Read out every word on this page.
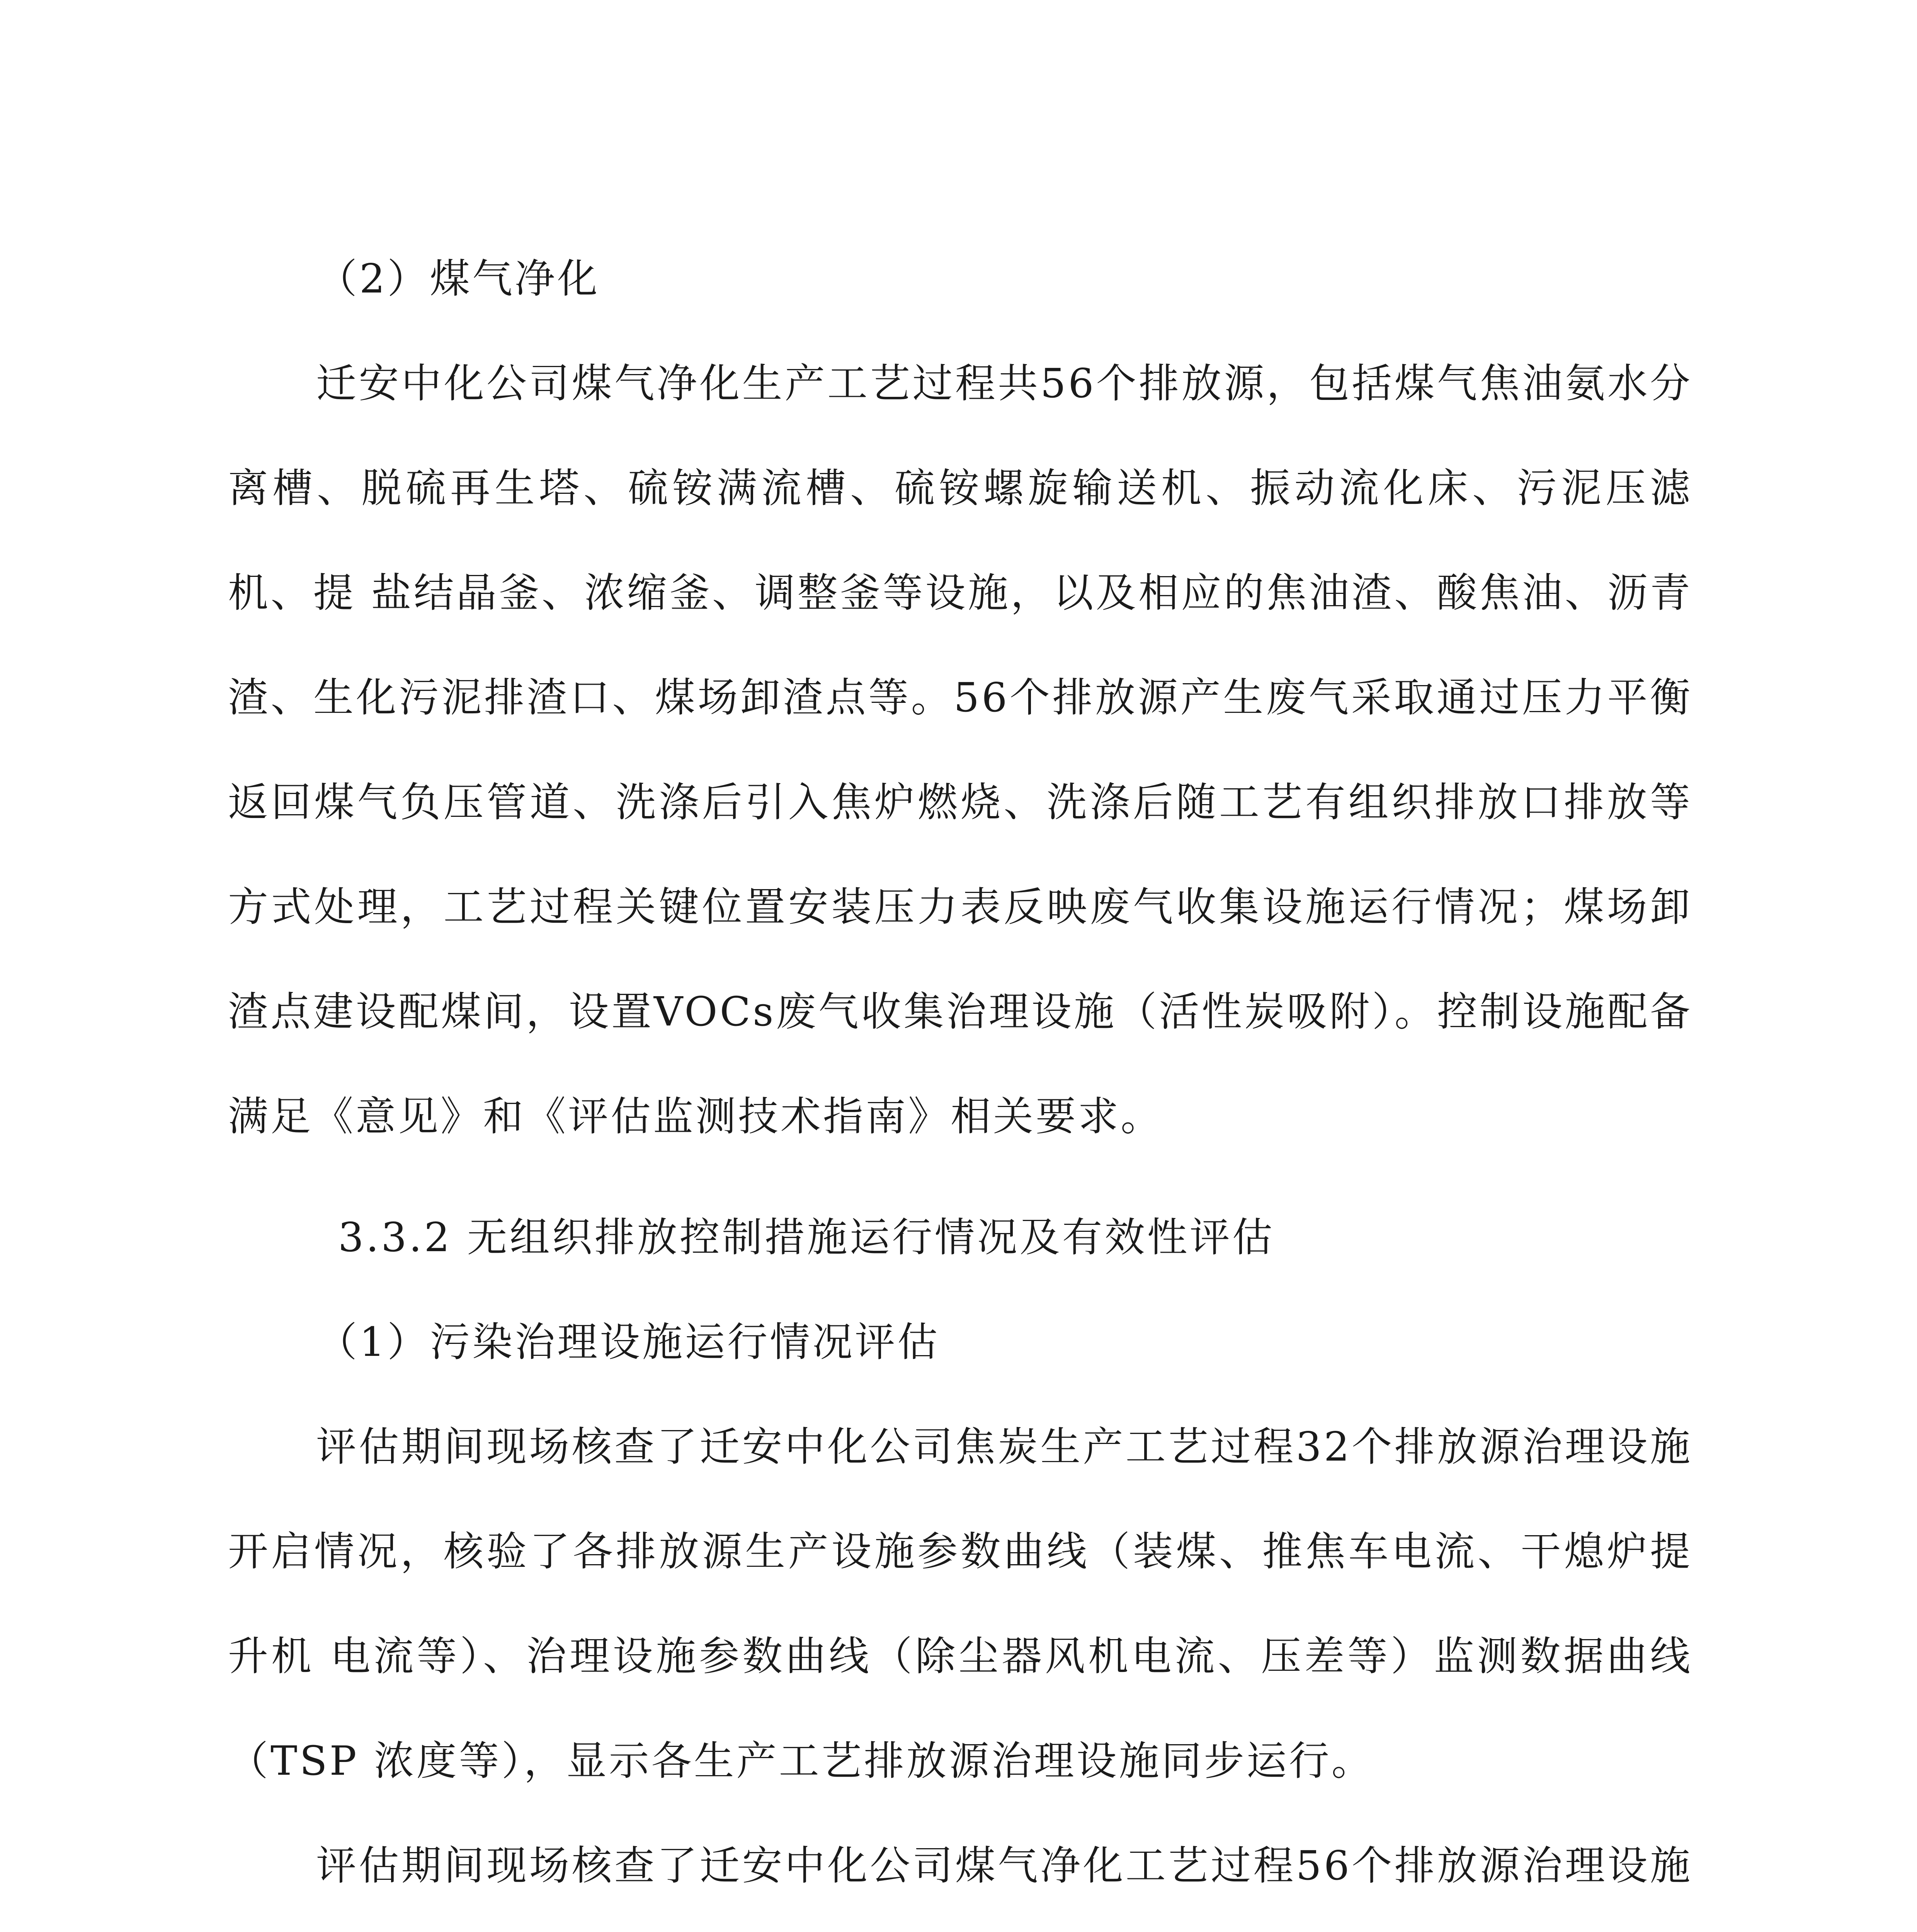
（2）煤气净化

迁安中化公司煤气净化生产工艺过程共56个排放源，包括煤气焦油氨水分离槽、脱硫再生塔、硫铵满流槽、硫铵螺旋输送机、振动流化床、污泥压滤机、提 盐结晶釜、浓缩釜、调整釜等设施，以及相应的焦油渣、酸焦油、沥青渣、生化污泥排渣口、煤场卸渣点等。56个排放源产生废气采取通过压力平衡返回煤气负压管道、洗涤后引入焦炉燃烧、洗涤后随工艺有组织排放口排放等方式处理，工艺过程关键位置安装压力表反映废气收集设施运行情况；煤场卸渣点建设配煤间，设置VOCs废气收集治理设施（活性炭吸附）。控制设施配备满足《意见》和《评估监测技术指南》相关要求。

3.3.2 无组织排放控制措施运行情况及有效性评估

（1）污染治理设施运行情况评估

评估期间现场核查了迁安中化公司焦炭生产工艺过程32个排放源治理设施开启情况，核验了各排放源生产设施参数曲线（装煤、推焦车电流、干熄炉提升机 电流等）、治理设施参数曲线（除尘器风机电流、压差等）监测数据曲线（TSP 浓度等），显示各生产工艺排放源治理设施同步运行。

评估期间现场核查了迁安中化公司煤气净化工艺过程56个排放源治理设施
